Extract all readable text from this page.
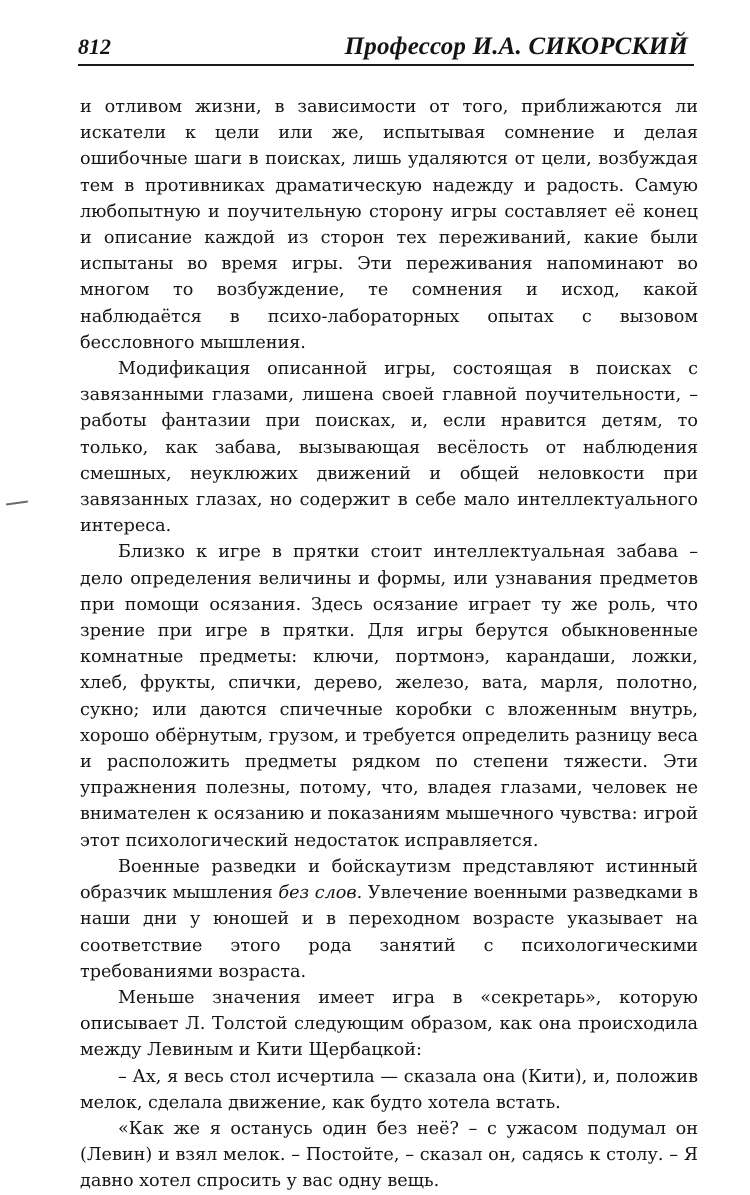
812	Профессор И.А. СИКОРСКИЙ

и отливом жизни, в зависимости от того, приближаются ли искатели к цели или же, испытывая сомнение и делая ошибочные шаги в поисках, лишь удаляются от цели, возбуждая тем в противниках драматическую надежду и радость. Самую любопытную и поучительную сторону игры составляет её конец и описание каждой из сторон тех переживаний, какие были испытаны во время игры. Эти переживания напоминают во многом то возбуждение, те сомнения и исход, какой наблюдаётся в психо-лабораторных опытах с вызовом бессловного мышления.

Модификация описанной игры, состоящая в поисках с завязанными глазами, лишена своей главной поучительности, – работы фантазии при поисках, и, если нравится детям, то только, как забава, вызывающая весёлость от наблюдения смешных, неуклюжих движений и общей неловкости при завязанных глазах, но содержит в себе мало интеллектуального интереса.

Близко к игре в прятки стоит интеллектуальная забава – дело определения величины и формы, или узнавания предметов при помощи осязания. Здесь осязание играет ту же роль, что зрение при игре в прятки. Для игры берутся обыкновенные комнатные предметы: ключи, портмонэ, карандаши, ложки, хлеб, фрукты, спички, дерево, железо, вата, марля, полотно, сукно; или даются спичечные коробки с вложенным внутрь, хорошо обёрнутым, грузом, и требуется определить разницу веса и расположить предметы рядком по степени тяжести. Эти упражнения полезны, потому, что, владея глазами, человек не внимателен к осязанию и показаниям мышечного чувства: игрой этот психологический недостаток исправляется.

Военные разведки и бойскаутизм представляют истинный образчик мышления без слов. Увлечение военными разведками в наши дни у юношей и в переходном возрасте указывает на соответствие этого рода занятий с психологическими требованиями возраста.

Меньше значения имеет игра в «секретарь», которую описывает Л. Толстой следующим образом, как она происходила между Левиным и Кити Щербацкой:

– Ах, я весь стол исчертила — сказала она (Кити), и, положив мелок, сделала движение, как будто хотела встать.

«Как же я останусь один без неё? – с ужасом подумал он (Левин) и взял мелок. – Постойте, – сказал он, садясь к столу. – Я давно хотел спросить у вас одну вещь.
